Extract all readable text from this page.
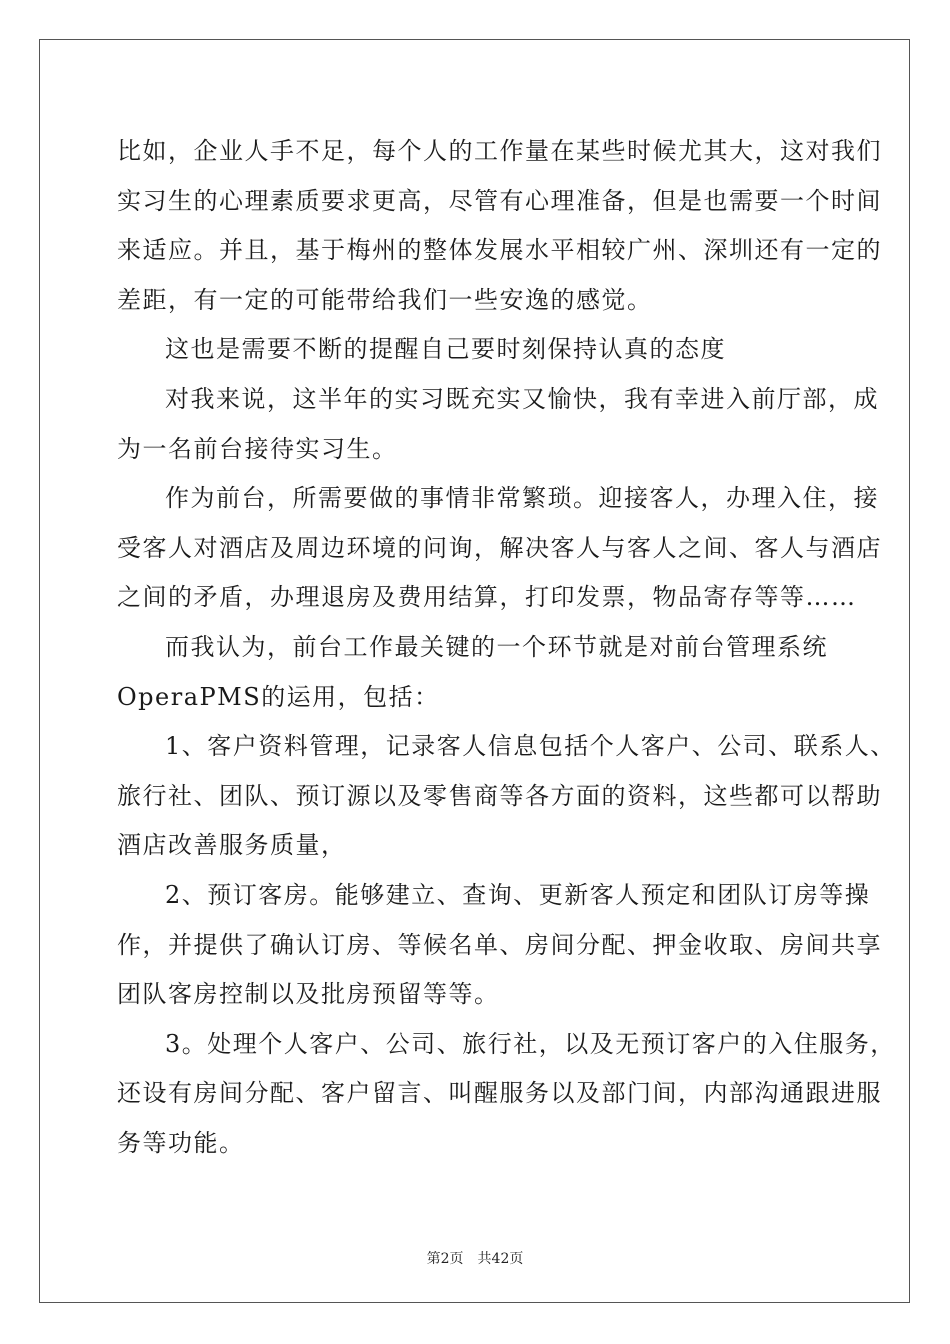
比如，企业人手不足，每个人的工作量在某些时候尤其大，这对我们
实习生的心理素质要求更高，尽管有心理准备，但是也需要一个时间
来适应。并且，基于梅州的整体发展水平相较广州、深圳还有一定的
差距，有一定的可能带给我们一些安逸的感觉。
这也是需要不断的提醒自己要时刻保持认真的态度
对我来说，这半年的实习既充实又愉快，我有幸进入前厅部，成
为一名前台接待实习生。
作为前台，所需要做的事情非常繁琐。迎接客人，办理入住，接
受客人对酒店及周边环境的问询，解决客人与客人之间、客人与酒店
之间的矛盾，办理退房及费用结算，打印发票，物品寄存等等……
而我认为，前台工作最关键的一个环节就是对前台管理系统
OperaPMS的运用，包括：
1、客户资料管理，记录客人信息包括个人客户、公司、联系人、
旅行社、团队、预订源以及零售商等各方面的资料，这些都可以帮助
酒店改善服务质量，
2、预订客房。能够建立、查询、更新客人预定和团队订房等操
作，并提供了确认订房、等候名单、房间分配、押金收取、房间共享
团队客房控制以及批房预留等等。
3。处理个人客户、公司、旅行社，以及无预订客户的入住服务，
还设有房间分配、客户留言、叫醒服务以及部门间，内部沟通跟进服
务等功能。
第2页 共42页
